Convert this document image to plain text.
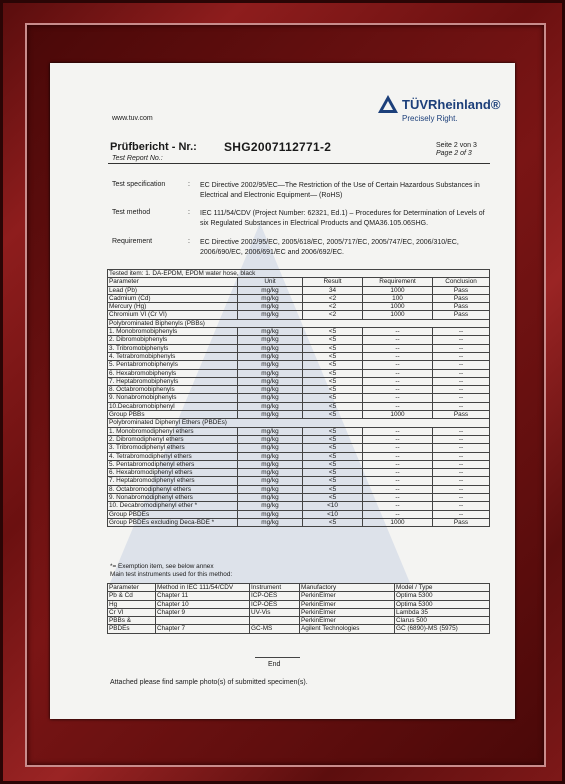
TÜVRheinland®
Precisely Right.
www.tuv.com
Prüfbericht - Nr.: SHG2007112771-2
Test Report No.:
Seite 2 von 3
Page 2 of 3
Test specification	: EC Directive 2002/95/EC—The Restriction of the Use of Certain Hazardous Substances in Electrical and Electronic Equipment— (RoHS)
Test method	: IEC 111/54/CDV (Project Number: 62321, Ed.1) – Procedures for Determination of Levels of six Regulated Substances in Electrical Products and QMA36.105.06SHG.
Requirement	: EC Directive 2002/95/EC, 2005/618/EC, 2005/717/EC, 2005/747/EC, 2006/310/EC, 2006/690/EC, 2006/691/EC and 2006/692/EC.
Tested item: 1. DA-EPDM, EPDM water hose, black				
Parameter	Unit	Result	Requirement	Conclusion
Lead (Pb)	mg/kg	34	1000	Pass
Cadmium (Cd)	mg/kg	<2	100	Pass
Mercury (Hg)	mg/kg	<2	1000	Pass
Chromium VI (Cr VI)	mg/kg	<2	1000	Pass
Polybrominated Biphenyls (PBBs)				
1. Monobromobiphenyls	mg/kg	<5	--	--
2. Dibromobiphenyls	mg/kg	<5	--	--
3. Tribromobiphenyls	mg/kg	<5	--	--
4. Tetrabromobiphenyls	mg/kg	<5	--	--
5. Pentabromobiphenyls	mg/kg	<5	--	--
6. Hexabromobiphenyls	mg/kg	<5	--	--
7. Heptabromobiphenyls	mg/kg	<5	--	--
8. Octabromobiphenyls	mg/kg	<5	--	--
9. Nonabromobiphenyls	mg/kg	<5	--	--
10.Decabromobiphenyl	mg/kg	<5	--	--
Group PBBs	mg/kg	<5	1000	Pass
Polybrominated Diphenyl Ethers (PBDEs)				
1. Monobromodiphenyl ethers	mg/kg	<5	--	--
2. Dibromodiphenyl ethers	mg/kg	<5	--	--
3. Tribromodiphenyl ethers	mg/kg	<5	--	--
4. Tetrabromodiphenyl ethers	mg/kg	<5	--	--
5. Pentabromodiphenyl ethers	mg/kg	<5	--	--
6. Hexabromodiphenyl ethers	mg/kg	<5	--	--
7. Heptabromodiphenyl ethers	mg/kg	<5	--	--
8. Octabromodiphenyl ethers	mg/kg	<5	--	--
9. Nonabromodiphenyl ethers	mg/kg	<5	--	--
10. Decabromodiphenyl ether *	mg/kg	<10	--	--
Group PBDEs	mg/kg	<10	--	--
Group PBDEs excluding Deca-BDE *	mg/kg	<5	1000	Pass
*= Exemption item, see below annex
Main test instruments used for this method:
Parameter	Method in IEC 111/54/CDV	Instrument	Manufactory	Model / Type
Pb & Cd	Chapter 11	ICP-OES	PerkinElmer	Optima 5300
Hg	Chapter 10	ICP-OES	PerkinElmer	Optima 5300
Cr VI	Chapter 9	UV-Vis	PerkinElmer	Lambda 35
PBBs &			PerkinElmer	Clarus 500
PBDEs	Chapter 7	GC-MS	Agilent Technologies	GC (6890)-MS (5975)
End
Attached please find sample photo(s) of submitted specimen(s).
